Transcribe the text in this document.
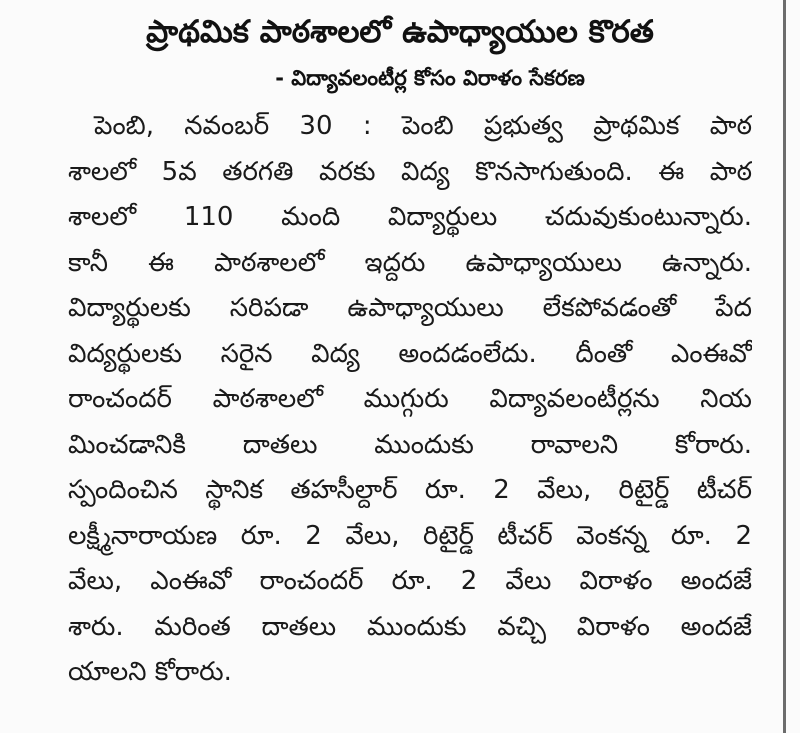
ప్రాథమిక పాఠశాలలో ఉపాధ్యాయుల కొరత
- విద్యావలంటీర్ల కోసం విరాళం సేకరణ
పెంబి, నవంబర్ 30 : పెంబి ప్రభుత్వ ప్రాథమిక పాఠ
శాలలో 5వ తరగతి వరకు విద్య కొనసాగుతుంది. ఈ పాఠ
శాలలో 110 మంది విద్యార్థులు చదువుకుంటున్నారు.
కానీ ఈ పాఠశాలలో ఇద్దరు ఉపాధ్యాయులు ఉన్నారు.
విద్యార్థులకు సరిపడా ఉపాధ్యాయులు లేకపోవడంతో పేద
విద్యర్థులకు సరైన విద్య అందడంలేదు. దీంతో ఎంఈవో
రాంచందర్ పాఠశాలలో ముగ్గురు విద్యావలంటీర్లను నియ
మించడానికి దాతలు ముందుకు రావాలని కోరారు.
స్పందించిన స్థానిక తహసీల్దార్ రూ. 2 వేలు, రిటైర్డ్ టీచర్
లక్ష్మీనారాయణ రూ. 2 వేలు, రిటైర్డ్ టీచర్ వెంకన్న రూ. 2
వేలు, ఎంఈవో రాంచందర్ రూ. 2 వేలు విరాళం అందజే
శారు. మరింత దాతలు ముందుకు వచ్చి విరాళం అందజే
యాలని కోరారు.
